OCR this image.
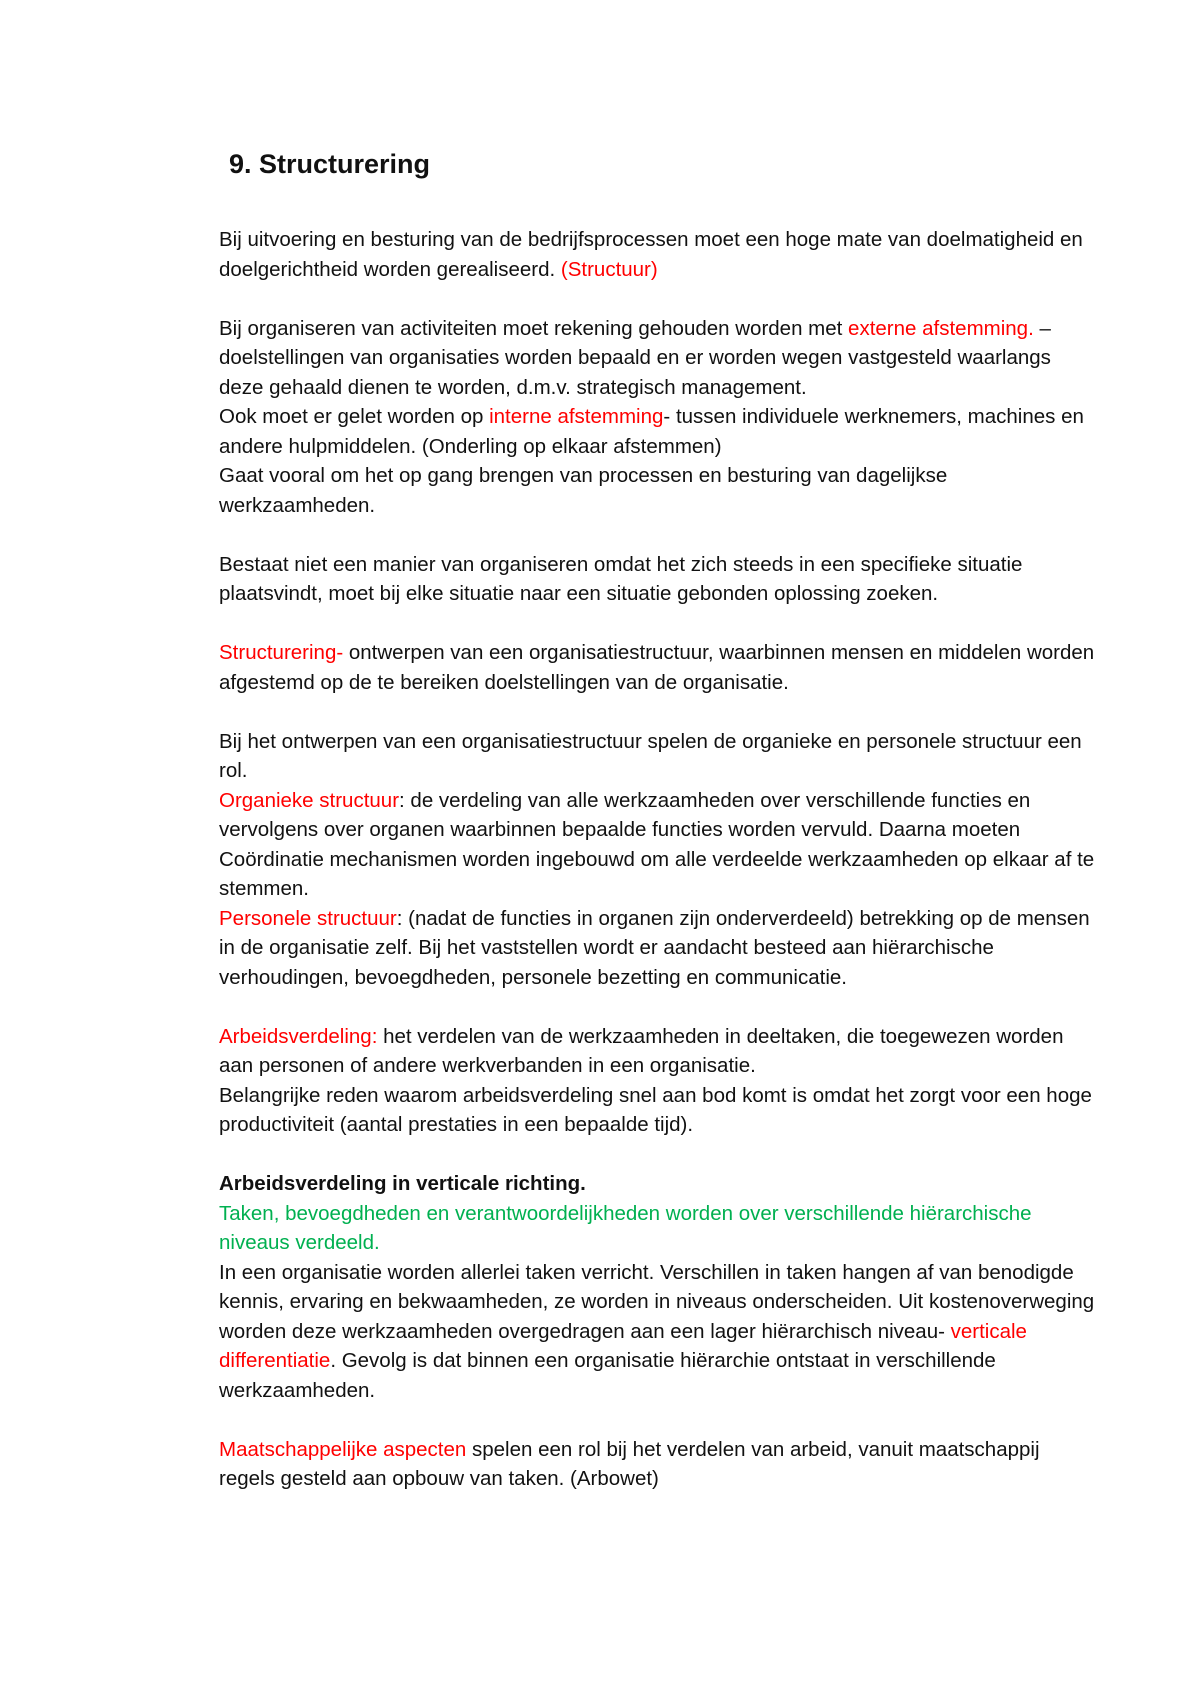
9. Structurering

Bij uitvoering en besturing van de bedrijfsprocessen moet een hoge mate van doelmatigheid en doelgerichtheid worden gerealiseerd. (Structuur)

Bij organiseren van activiteiten moet rekening gehouden worden met externe afstemming. – doelstellingen van organisaties worden bepaald en er worden wegen vastgesteld waarlangs deze gehaald dienen te worden, d.m.v. strategisch management.

Ook moet er gelet worden op interne afstemming- tussen individuele werknemers, machines en andere hulpmiddelen. (Onderling op elkaar afstemmen)

Gaat vooral om het op gang brengen van processen en besturing van dagelijkse werkzaamheden.

Bestaat niet een manier van organiseren omdat het zich steeds in een specifieke situatie plaatsvindt, moet bij elke situatie naar een situatie gebonden oplossing zoeken.

Structurering- ontwerpen van een organisatiestructuur, waarbinnen mensen en middelen worden afgestemd op de te bereiken doelstellingen van de organisatie.

Bij het ontwerpen van een organisatiestructuur spelen de organieke en personele structuur een rol.

Organieke structuur: de verdeling van alle werkzaamheden over verschillende functies en vervolgens over organen waarbinnen bepaalde functies worden vervuld. Daarna moeten Coördinatie mechanismen worden ingebouwd om alle verdeelde werkzaamheden op elkaar af te stemmen.

Personele structuur: (nadat de functies in organen zijn onderverdeeld) betrekking op de mensen in de organisatie zelf. Bij het vaststellen wordt er aandacht besteed aan hiërarchische verhoudingen, bevoegdheden, personele bezetting en communicatie.

Arbeidsverdeling: het verdelen van de werkzaamheden in deeltaken, die toegewezen worden aan personen of andere werkverbanden in een organisatie.

Belangrijke reden waarom arbeidsverdeling snel aan bod komt is omdat het zorgt voor een hoge productiviteit (aantal prestaties in een bepaalde tijd).

Arbeidsverdeling in verticale richting.

Taken, bevoegdheden en verantwoordelijkheden worden over verschillende hiërarchische niveaus verdeeld.

In een organisatie worden allerlei taken verricht. Verschillen in taken hangen af van benodigde kennis, ervaring en bekwaamheden, ze worden in niveaus onderscheiden. Uit kostenoverweging worden deze werkzaamheden overgedragen aan een lager hiërarchisch niveau- verticale differentiatie. Gevolg is dat binnen een organisatie hiërarchie ontstaat in verschillende werkzaamheden.

Maatschappelijke aspecten spelen een rol bij het verdelen van arbeid, vanuit maatschappij regels gesteld aan opbouw van taken. (Arbowet)
